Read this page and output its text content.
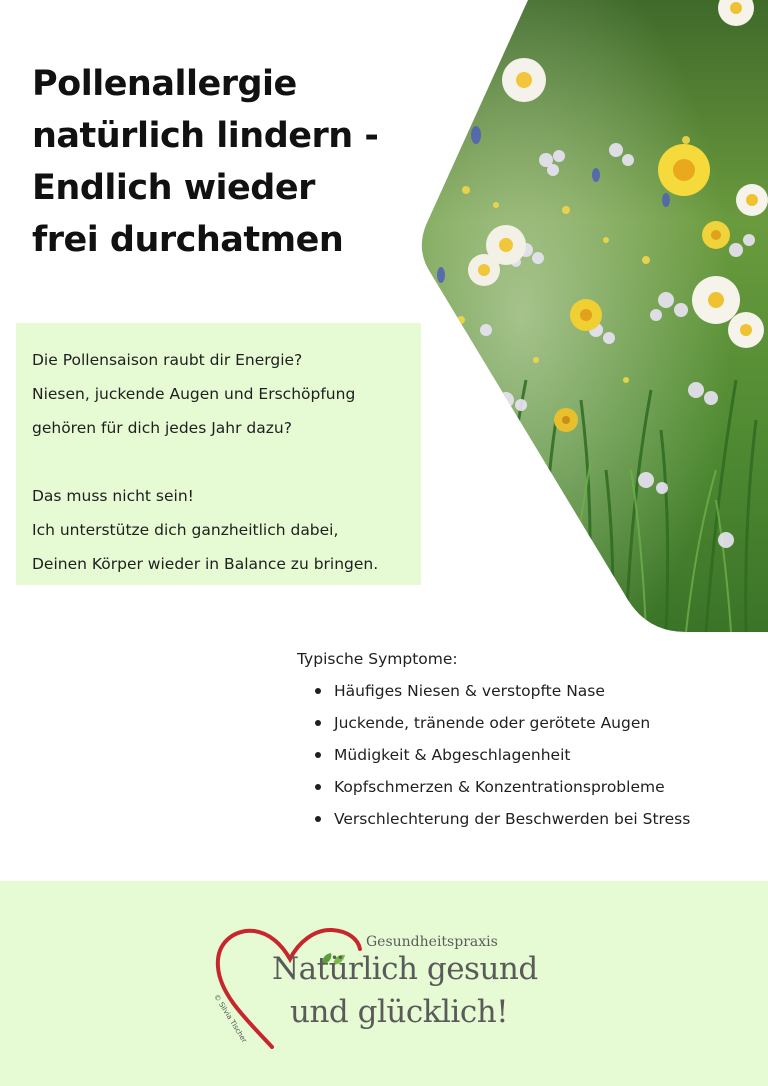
Pollenallergie
natürlich lindern -
Endlich wieder
frei durchatmen
Die Pollensaison raubt dir Energie?
Niesen, juckende Augen und Erschöpfung
gehören für dich jedes Jahr dazu?
Das muss nicht sein!
Ich unterstütze dich ganzheitlich dabei,
Deinen Körper wieder in Balance zu bringen.
Typische Symptome:
Häufiges Niesen & verstopfte Nase
Juckende, tränende oder gerötete Augen
Müdigkeit & Abgeschlagenheit
Kopfschmerzen & Konzentrationsprobleme
Verschlechterung der Beschwerden bei Stress
© Silvia Tischer
Gesundheitspraxis
Natürlich gesund
und glücklich!
